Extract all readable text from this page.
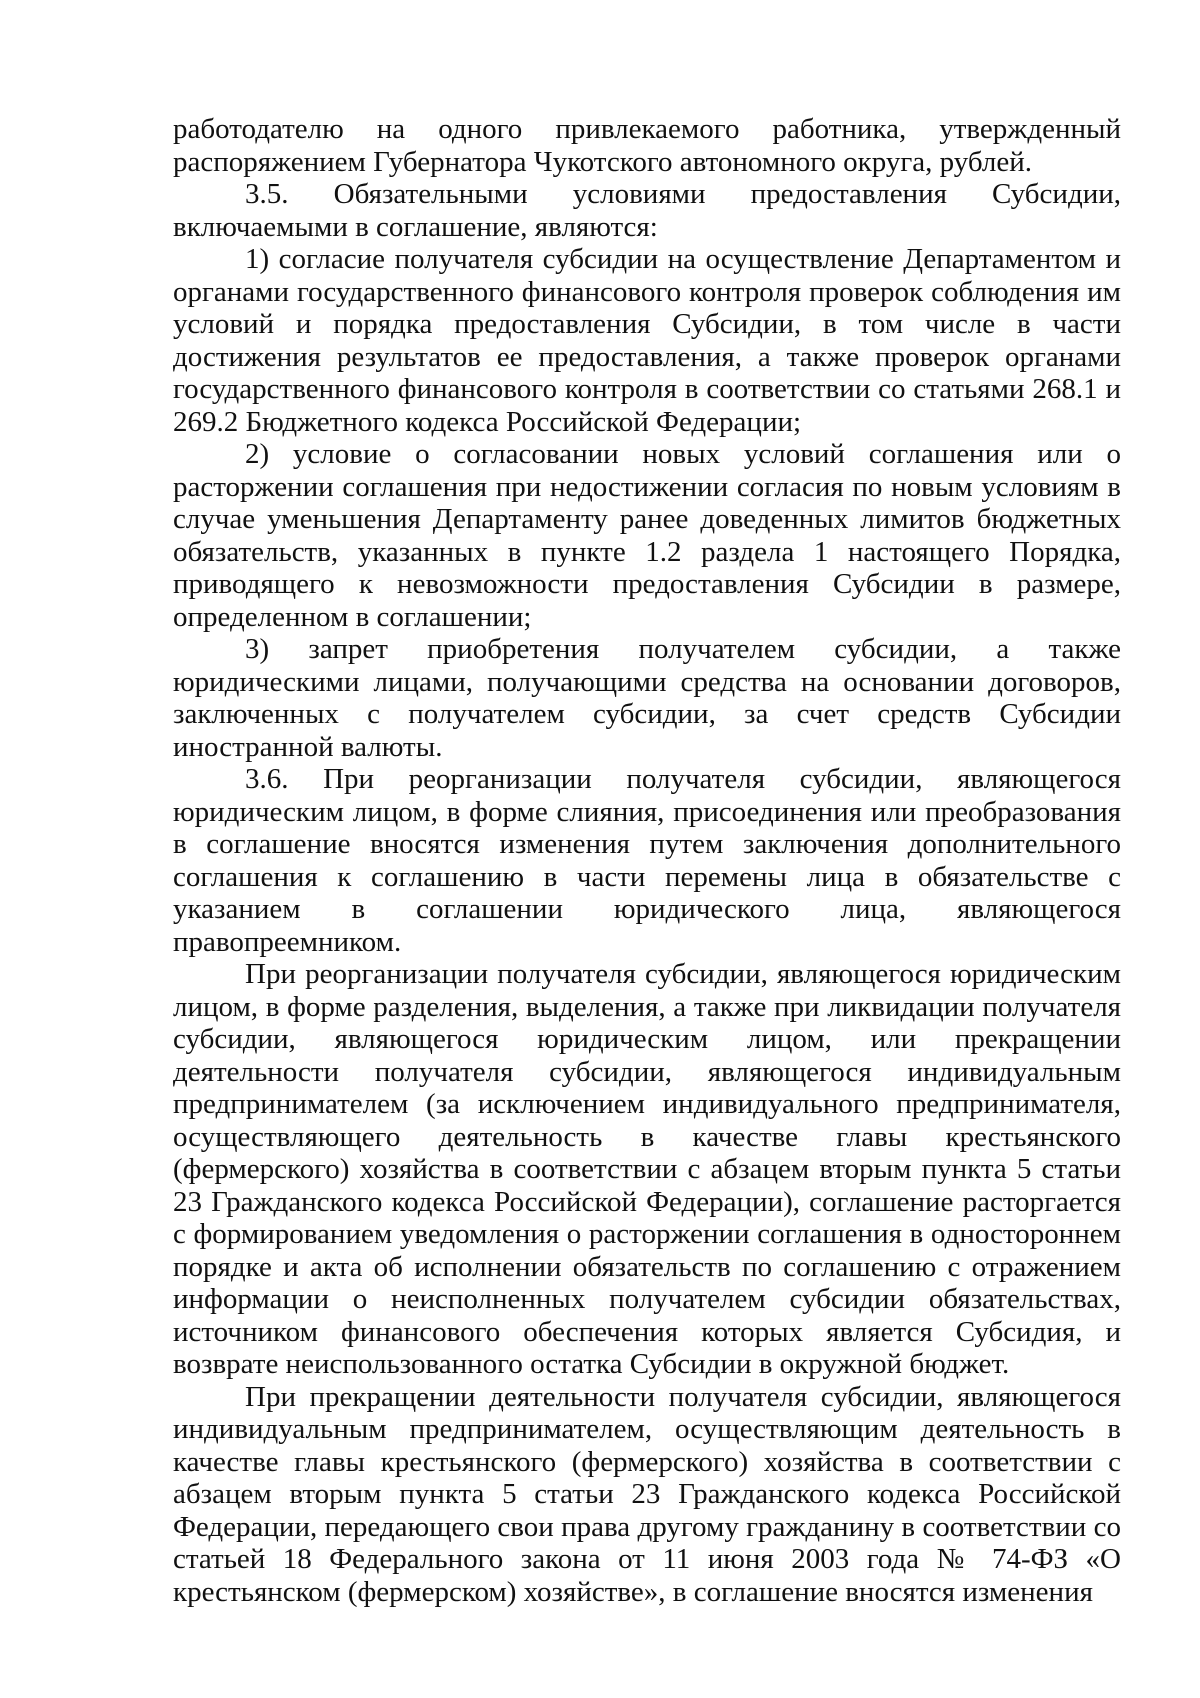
работодателю на одного привлекаемого работника, утвержденный распоряжением Губернатора Чукотского автономного округа, рублей.

3.5. Обязательными условиями предоставления Субсидии, включаемыми в соглашение, являются:

1) согласие получателя субсидии на осуществление Департаментом и органами государственного финансового контроля проверок соблюдения им условий и порядка предоставления Субсидии, в том числе в части достижения результатов ее предоставления, а также проверок органами государственного финансового контроля в соответствии со статьями 268.1 и 269.2 Бюджетного кодекса Российской Федерации;

2) условие о согласовании новых условий соглашения или о расторжении соглашения при недостижении согласия по новым условиям в случае уменьшения Департаменту ранее доведенных лимитов бюджетных обязательств, указанных в пункте 1.2 раздела 1 настоящего Порядка, приводящего к невозможности предоставления Субсидии в размере, определенном в соглашении;

3) запрет приобретения получателем субсидии, а также юридическими лицами, получающими средства на основании договоров, заключенных с получателем субсидии, за счет средств Субсидии иностранной валюты.

3.6. При реорганизации получателя субсидии, являющегося юридическим лицом, в форме слияния, присоединения или преобразования в соглашение вносятся изменения путем заключения дополнительного соглашения к соглашению в части перемены лица в обязательстве с указанием в соглашении юридического лица, являющегося правопреемником.

При реорганизации получателя субсидии, являющегося юридическим лицом, в форме разделения, выделения, а также при ликвидации получателя субсидии, являющегося юридическим лицом, или прекращении деятельности получателя субсидии, являющегося индивидуальным предпринимателем (за исключением индивидуального предпринимателя, осуществляющего деятельность в качестве главы крестьянского (фермерского) хозяйства в соответствии с абзацем вторым пункта 5 статьи 23 Гражданского кодекса Российской Федерации), соглашение расторгается с формированием уведомления о расторжении соглашения в одностороннем порядке и акта об исполнении обязательств по соглашению с отражением информации о неисполненных получателем субсидии обязательствах, источником финансового обеспечения которых является Субсидия, и возврате неиспользованного остатка Субсидии в окружной бюджет.

При прекращении деятельности получателя субсидии, являющегося индивидуальным предпринимателем, осуществляющим деятельность в качестве главы крестьянского (фермерского) хозяйства в соответствии с абзацем вторым пункта 5 статьи 23 Гражданского кодекса Российской Федерации, передающего свои права другому гражданину в соответствии со статьей 18 Федерального закона от 11 июня 2003 года № 74-ФЗ «О крестьянском (фермерском) хозяйстве», в соглашение вносятся изменения
